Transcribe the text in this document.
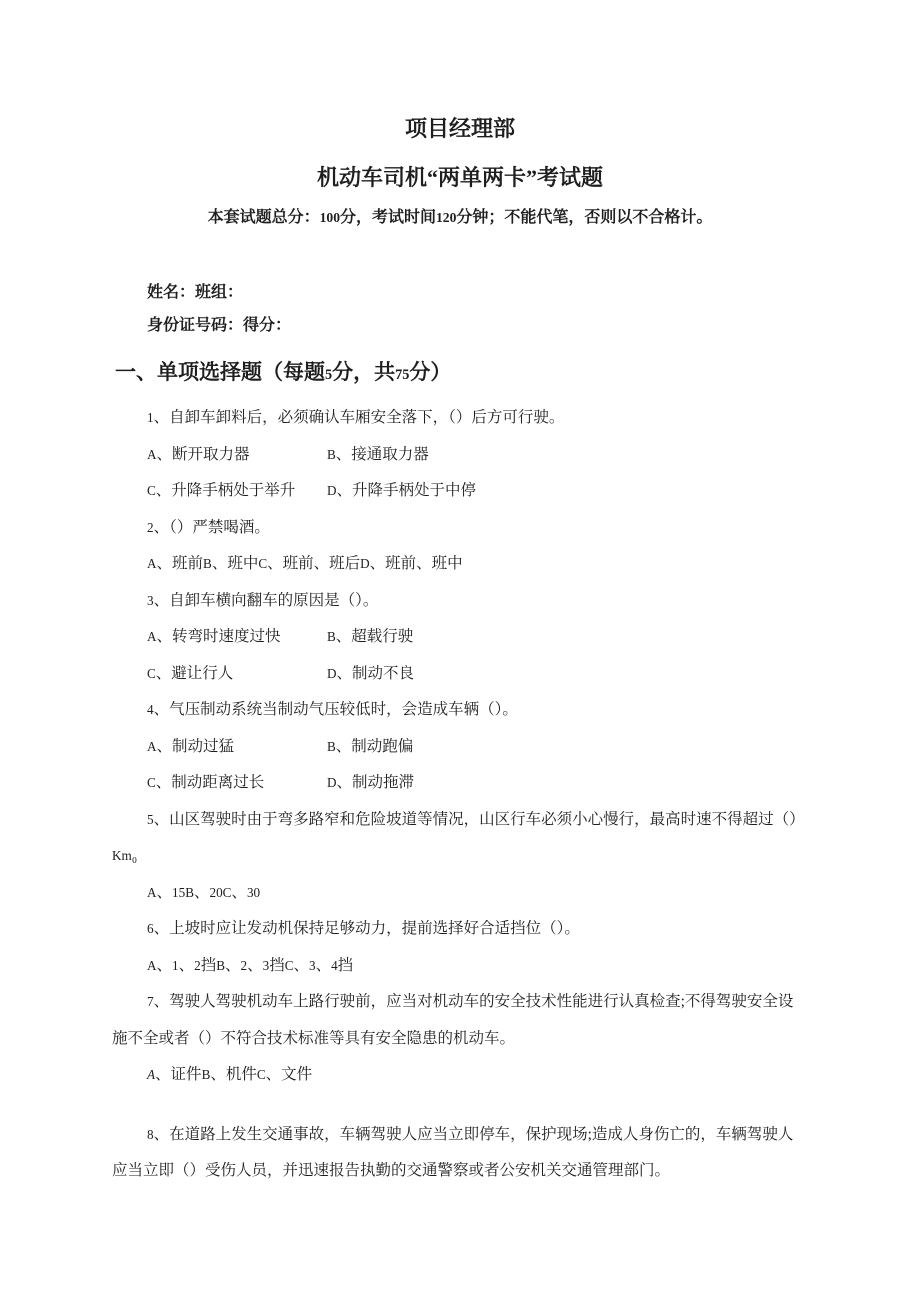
项目经理部
机动车司机“两单两卡”考试题
本套试题总分：100分，考试时间120分钟；不能代笔，否则以不合格计。
姓名：班组：
身份证号码：得分：
一、单项选择题（每题5分，共75分）
1、自卸车卸料后，必须确认车厢安全落下，（）后方可行驶。
A、断开取力器	B、接通取力器
C、升降手柄处于举升	D、升降手柄处于中停
2、（）严禁喝酒。
A、班前B、班中C、班前、班后D、班前、班中
3、自卸车横向翻车的原因是（）。
A、转弯时速度过快	B、超载行驶
C、避让行人	D、制动不良
4、气压制动系统当制动气压较低时，会造成车辆（）。
A、制动过猛	B、制动跑偏
C、制动距离过长	D、制动拖滞
5、山区驾驶时由于弯多路窄和危险坡道等情况，山区行车必须小心慢行，最高时速不得超过（）
Km₀
A、15B、20C、30
6、上坡时应让发动机保持足够动力，提前选择好合适挡位（）。
A、1、2挡B、2、3挡C、3、4挡
7、驾驶人驾驶机动车上路行驶前，应当对机动车的安全技术性能进行认真检查;不得驾驶安全设
施不全或者（）不符合技术标准等具有安全隐患的机动车。
A、证件B、机件C、文件
8、在道路上发生交通事故，车辆驾驶人应当立即停车，保护现场;造成人身伤亡的，车辆驾驶人
应当立即（）受伤人员，并迅速报告执勤的交通警察或者公安机关交通管理部门。
